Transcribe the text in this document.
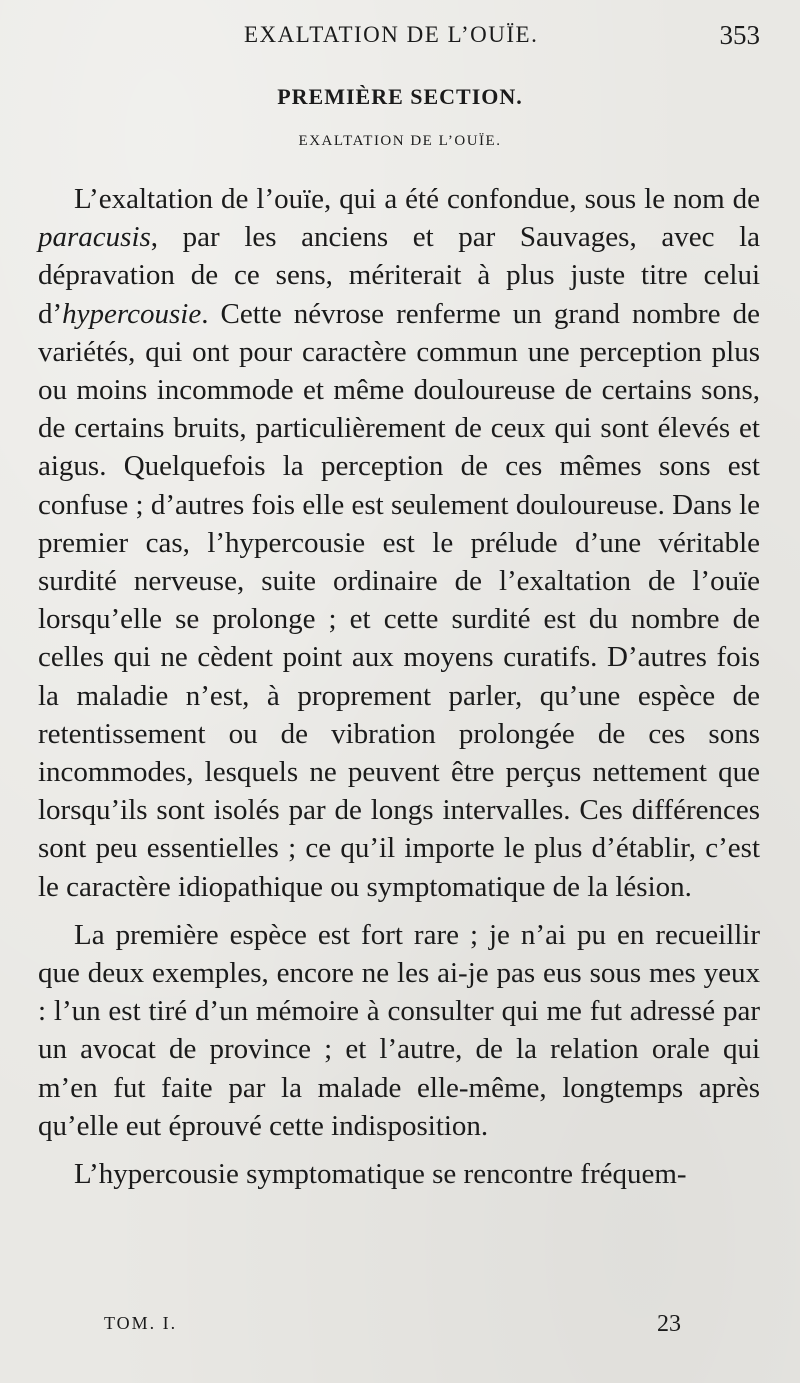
EXALTATION DE L’OUÏE.	353
PREMIÈRE SECTION.
EXALTATION DE L’OUÏE.

L’exaltation de l’ouïe, qui a été confondue, sous le nom de paracusis, par les anciens et par Sauvages, avec la dépravation de ce sens, mériterait à plus juste titre celui d’hypercousie. Cette névrose renferme un grand nombre de variétés, qui ont pour caractère commun une perception plus ou moins incommode et même douloureuse de certains sons, de certains bruits, particulièrement de ceux qui sont élevés et aigus. Quelquefois la perception de ces mêmes sons est confuse ; d’autres fois elle est seulement douloureuse. Dans le premier cas, l’hypercousie est le prélude d’une véritable surdité nerveuse, suite ordinaire de l’exaltation de l’ouïe lorsqu’elle se prolonge ; et cette surdité est du nombre de celles qui ne cèdent point aux moyens curatifs. D’autres fois la maladie n’est, à proprement parler, qu’une espèce de retentissement ou de vibration prolongée de ces sons incommodes, lesquels ne peuvent être perçus nettement que lorsqu’ils sont isolés par de longs intervalles. Ces différences sont peu essentielles ; ce qu’il importe le plus d’établir, c’est le caractère idiopathique ou symptomatique de la lésion.

La première espèce est fort rare ; je n’ai pu en recueillir que deux exemples, encore ne les ai-je pas eus sous mes yeux : l’un est tiré d’un mémoire à consulter qui me fut adressé par un avocat de province ; et l’autre, de la relation orale qui m’en fut faite par la malade elle-même, longtemps après qu’elle eut éprouvé cette indisposition.

L’hypercousie symptomatique se rencontre fréquem-

TOM. I.	23
